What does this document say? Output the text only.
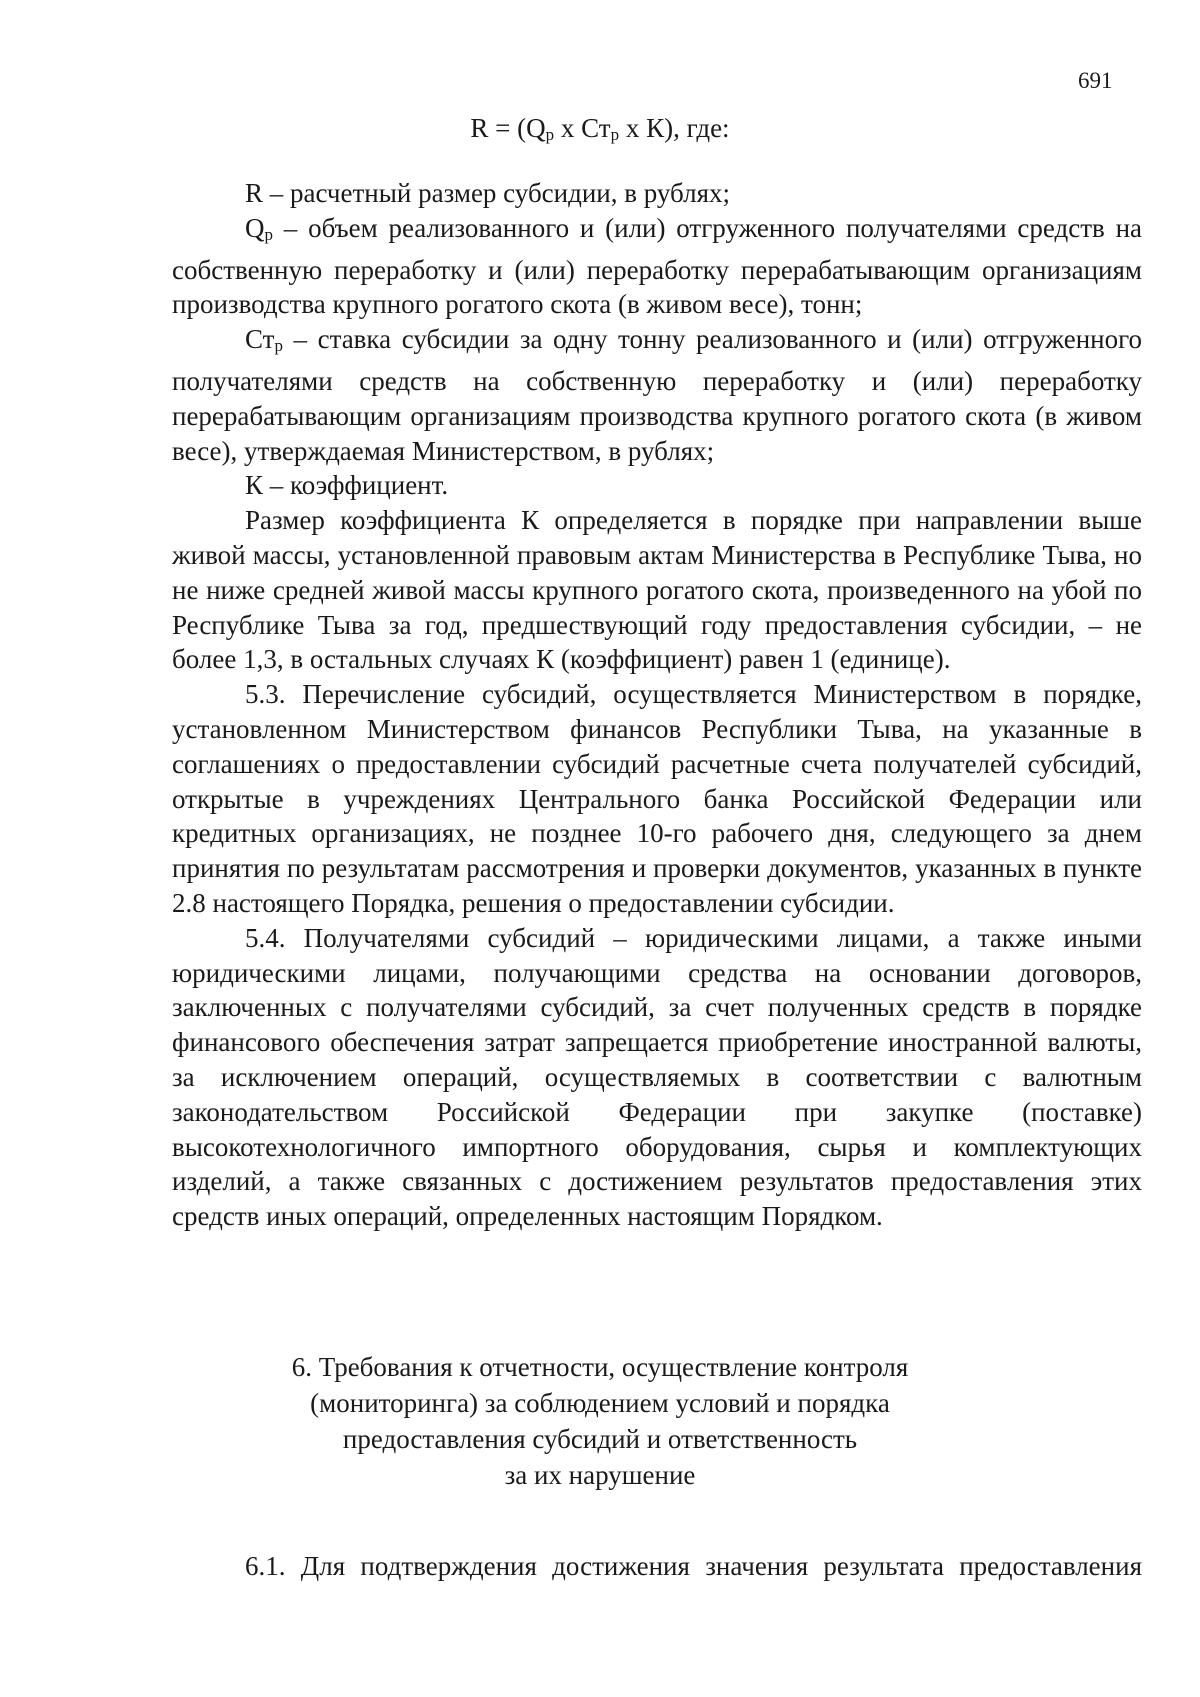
691
$R = (Q_р$ х $Ст_р$ х К), где:

R – расчетный размер субсидии, в рублях;

$Q_р$ – объем реализованного и (или) отгруженного получателями средств на собственную переработку и (или) переработку перерабатывающим организациям производства крупного рогатого скота (в живом весе), тонн;

$Ст_р$ – ставка субсидии за одну тонну реализованного и (или) отгруженного получателями средств на собственную переработку и (или) переработку перерабатывающим организациям производства крупного рогатого скота (в живом весе), утверждаемая Министерством, в рублях;

К – коэффициент.

Размер коэффициента К определяется в порядке при направлении выше живой массы, установленной правовым актам Министерства в Республике Тыва, но не ниже средней живой массы крупного рогатого скота, произведенного на убой по Республике Тыва за год, предшествующий году предоставления субсидии, – не более 1,3, в остальных случаях К (коэффициент) равен 1 (единице).

5.3. Перечисление субсидий, осуществляется Министерством в порядке, установленном Министерством финансов Республики Тыва, на указанные в соглашениях о предоставлении субсидий расчетные счета получателей субсидий, открытые в учреждениях Центрального банка Российской Федерации или кредитных организациях, не позднее 10-го рабочего дня, следующего за днем принятия по результатам рассмотрения и проверки документов, указанных в пункте 2.8 настоящего Порядка, решения о предоставлении субсидии.

5.4. Получателями субсидий – юридическими лицами, а также иными юридическими лицами, получающими средства на основании договоров, заключенных с получателями субсидий, за счет полученных средств в порядке финансового обеспечения затрат запрещается приобретение иностранной валюты, за исключением операций, осуществляемых в соответствии с валютным законодательством Российской Федерации при закупке (поставке) высокотехнологичного импортного оборудования, сырья и комплектующих изделий, а также связанных с достижением результатов предоставления этих средств иных операций, определенных настоящим Порядком.

6. Требования к отчетности, осуществление контроля
(мониторинга) за соблюдением условий и порядка
предоставления субсидий и ответственность
за их нарушение
6.1. Для подтверждения достижения значения результата предоставления
